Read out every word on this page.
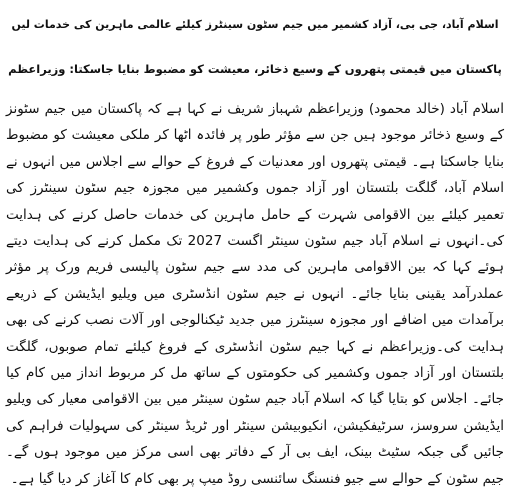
اسلام آباد، جی بی، آزاد کشمیر میں جیم سٹون سینٹرز کیلئے عالمی ماہرین کی خدمات لیں
پاکستان میں قیمتی پتھروں کے وسیع ذخائر، معیشت کو مضبوط بنایا جاسکتا: وزیراعظم

اسلام آباد (خالد محمود) وزیراعظم شہباز شریف نے کہا ہے کہ پاکستان میں جیم سٹونز کے وسیع ذخائر موجود ہیں جن سے مؤثر طور پر فائدہ اٹھا کر ملکی معیشت کو مضبوط بنایا جاسکتا ہے۔ قیمتی پتھروں اور معدنیات کے فروغ کے حوالے سے اجلاس میں انہوں نے اسلام آباد، گلگت بلتستان اور آزاد جموں وکشمیر میں مجوزہ جیم سٹون سینٹرز کی تعمیر کیلئے بین الاقوامی شہرت کے حامل ماہرین کی خدمات حاصل کرنے کی ہدایت کی۔انہوں نے اسلام آباد جیم سٹون سینٹر اگست 2027 تک مکمل کرنے کی ہدایت دیتے ہوئے کہا کہ بین الاقوامی ماہرین کی مدد سے جیم سٹون پالیسی فریم ورک پر مؤثر عملدرآمد یقینی بنایا جائے۔ انہوں نے جیم سٹون انڈسٹری میں ویلیو ایڈیشن کے ذریعے برآمدات میں اضافے اور مجوزہ سینٹرز میں جدید ٹیکنالوجی اور آلات نصب کرنے کی بھی ہدایت کی۔وزیراعظم نے کہا جیم سٹون انڈسٹری کے فروغ کیلئے تمام صوبوں، گلگت بلتستان اور آزاد جموں وکشمیر کی حکومتوں کے ساتھ مل کر مربوط انداز میں کام کیا جائے۔ اجلاس کو بتایا گیا کہ اسلام آباد جیم سٹون سینٹر میں بین الاقوامی معیار کی ویلیو ایڈیشن سروسز، سرٹیفکیشن، انکیوبیشن سینٹر اور ٹریڈ سینٹر کی سہولیات فراہم کی جائیں گی جبکہ سٹیٹ بینک، ایف بی آر کے دفاتر بھی اسی مرکز میں موجود ہوں گے۔ جیم سٹون کے حوالے سے جیو فنسنگ سائنسی روڈ میپ پر بھی کام کا آغاز کر دیا گیا ہے۔
